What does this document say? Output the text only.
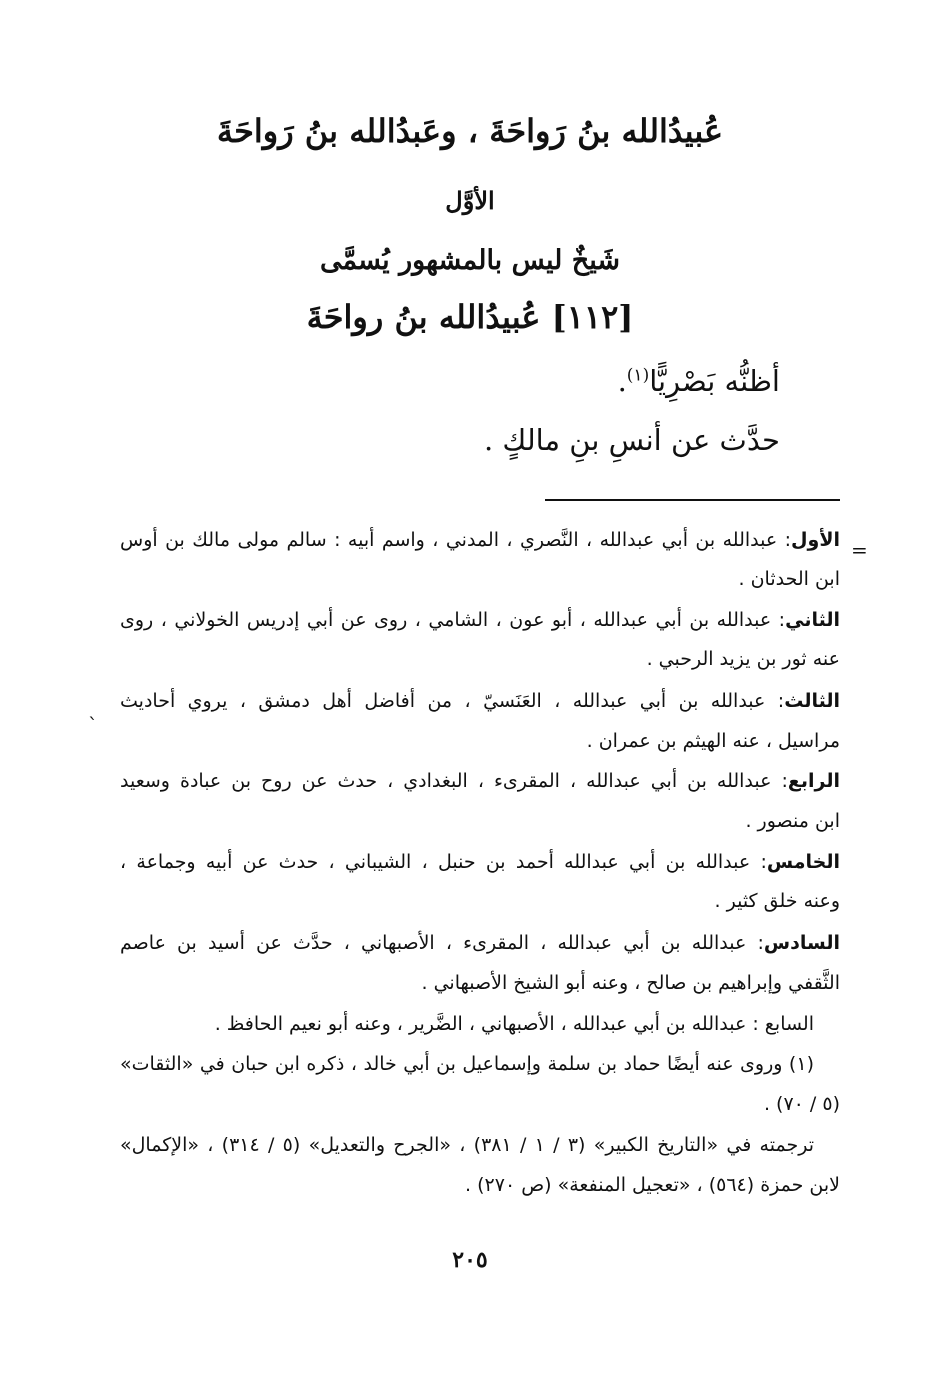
عُبيدُالله بنُ رَواحَةَ ، وعَبدُالله بنُ رَواحَةَ
الأوَّل
شَيخٌ ليس بالمشهور يُسمَّى
[١١٢] عُبيدُالله بنُ رواحَةَ
أظنُّه بَصْرِيًّا$^{(١)}$.
حدَّث عن أنسِ بنِ مالكٍ .
=
ˋ
الأول: عبدالله بن أبي عبدالله ، النَّصري ، المدني ، واسم أبيه : سالم مولى مالك بن أوس
ابن الحدثان .
الثاني: عبدالله بن أبي عبدالله ، أبو عون ، الشامي ، روى عن أبي إدريس الخولاني ، روى
عنه ثور بن يزيد الرحبي .
الثالث: عبدالله بن أبي عبدالله ، العَنَسيّ ، من أفاضل أهل دمشق ، يروي أحاديث
مراسيل ، عنه الهيثم بن عمران .
الرابع: عبدالله بن أبي عبدالله ، المقرىء ، البغدادي ، حدث عن روح بن عبادة وسعيد
ابن منصور .
الخامس: عبدالله بن أبي عبدالله أحمد بن حنبل ، الشيباني ، حدث عن أبيه وجماعة ،
وعنه خلق كثير .
السادس: عبدالله بن أبي عبدالله ، المقرىء ، الأصبهاني ، حدَّث عن أسيد بن عاصم
الثَّقفي وإبراهيم بن صالح ، وعنه أبو الشيخ الأصبهاني .
السابع : عبدالله بن أبي عبدالله ، الأصبهاني ، الضَّرير ، وعنه أبو نعيم الحافظ .
(١) وروى عنه أيضًا حماد بن سلمة وإسماعيل بن أبي خالد ، ذكره ابن حبان في «الثقات»
(٥ / ٧٠) .
ترجمته في «التاريخ الكبير» (٣ / ١ / ٣٨١) ، «الجرح والتعديل» (٥ / ٣١٤) ، «الإكمال»
لابن حمزة (٥٦٤) ، «تعجيل المنفعة» (ص ٢٧٠) .
٢٠٥
